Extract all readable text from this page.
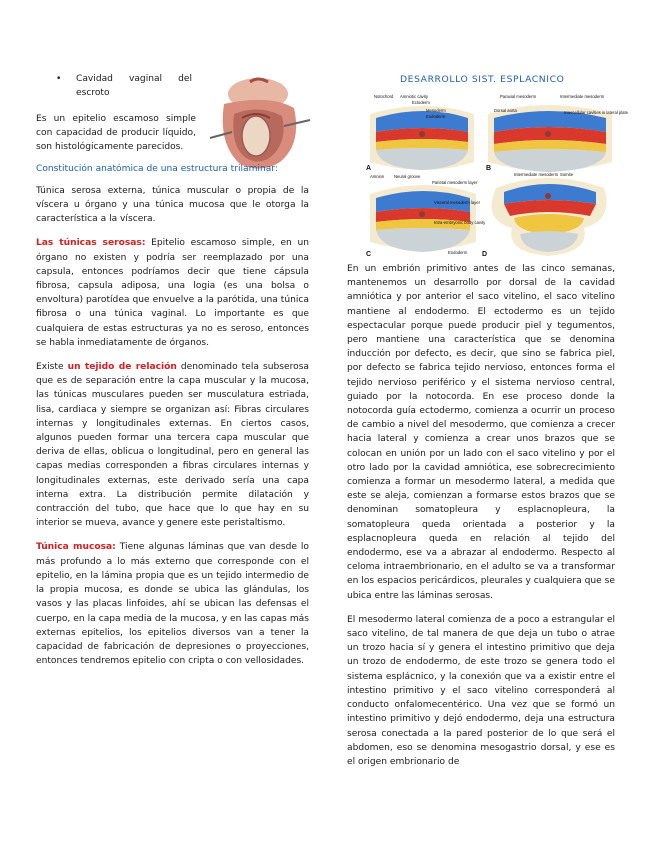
• Cavidad vaginal del escroto

Es un epitelio escamoso simple con capacidad de producir líquido, son histológicamente parecidos.

Constitución anatómica de una estructura trilaminar:

Túnica serosa externa, túnica muscular o propia de la víscera u órgano y una túnica mucosa que le otorga la característica a la víscera.

Las túnicas serosas: Epitelio escamoso simple, en un órgano no existen y podría ser reemplazado por una capsula, entonces podríamos decir que tiene cápsula fibrosa, capsula adiposa, una logia (es una bolsa o envoltura) parotídea que envuelve a la parótida, una túnica fibrosa o una túnica vaginal. Lo importante es que cualquiera de estas estructuras ya no es seroso, entonces se habla inmediatamente de órganos.

Existe un tejido de relación denominado tela subserosa que es de separación entre la capa muscular y la mucosa, las túnicas musculares pueden ser musculatura estriada, lisa, cardiaca y siempre se organizan así: Fibras circulares internas y longitudinales externas. En ciertos casos, algunos pueden formar una tercera capa muscular que deriva de ellas, oblicua o longitudinal, pero en general las capas medias corresponden a fibras circulares internas y longitudinales externas, este derivado sería una capa interna extra. La distribución permite dilatación y contracción del tubo, que hace que lo que hay en su interior se mueva, avance y genere este peristaltismo.

Túnica mucosa: Tiene algunas láminas que van desde lo más profundo a lo más externo que corresponde con el epitelio, en la lámina propia que es un tejido intermedio de la propia mucosa, es donde se ubica las glándulas, los vasos y las placas linfoides, ahí se ubican las defensas el cuerpo, en la capa media de la mucosa, y en las capas más externas epitelios, los epitelios diversos van a tener la capacidad de fabricación de depresiones o proyecciones, entonces tendremos epitelio con cripta o con vellosidades.

DESARROLLO SIST. ESPLACNICO
Notochord Amniotic cavity
Ectoderm
Mesoderm
Endoderm
A
Paraxial mesoderm	Intermediate mesoderm
Intercellular cavities in lateral plate
Dorsal aorta
B
Amnion Neural groove
Parietal mesoderm layer
Visceral mesoderm layer
Intra-embryonic body cavity
C
Somite
Intermediate mesoderm
D
Endoderm

En un embrión primitivo antes de las cinco semanas, mantenemos un desarrollo por dorsal de la cavidad amniótica y por anterior el saco vitelino, el saco vitelino mantiene al endodermo. El ectodermo es un tejido espectacular porque puede producir piel y tegumentos, pero mantiene una característica que se denomina inducción por defecto, es decir, que sino se fabrica piel, por defecto se fabrica tejido nervioso, entonces forma el tejido nervioso periférico y el sistema nervioso central, guiado por la notocorda. En ese proceso donde la notocorda guía ectodermo, comienza a ocurrir un proceso de cambio a nivel del mesodermo, que comienza a crecer hacia lateral y comienza a crear unos brazos que se colocan en unión por un lado con el saco vitelino y por el otro lado por la cavidad amniótica, ese sobrecrecimiento comienza a formar un mesodermo lateral, a medida que este se aleja, comienzan a formarse estos brazos que se denominan somatopleura y esplacnopleura, la somatopleura queda orientada a posterior y la esplacnopleura queda en relación al tejido del endodermo, ese va a abrazar al endodermo. Respecto al celoma intraembrionario, en el adulto se va a transformar en los espacios pericárdicos, pleurales y cualquiera que se ubica entre las láminas serosas.

El mesodermo lateral comienza de a poco a estrangular el saco vitelino, de tal manera de que deja un tubo o atrae un trozo hacia sí y genera el intestino primitivo que deja un trozo de endodermo, de este trozo se genera todo el sistema esplácnico, y la conexión que va a existir entre el intestino primitivo y el saco vitelino corresponderá al conducto onfalomecentérico. Una vez que se formó un intestino primitivo y dejó endodermo, deja una estructura serosa conectada a la pared posterior de lo que será el abdomen, eso se denomina mesogastrio dorsal, y ese es el origen embrionario de
